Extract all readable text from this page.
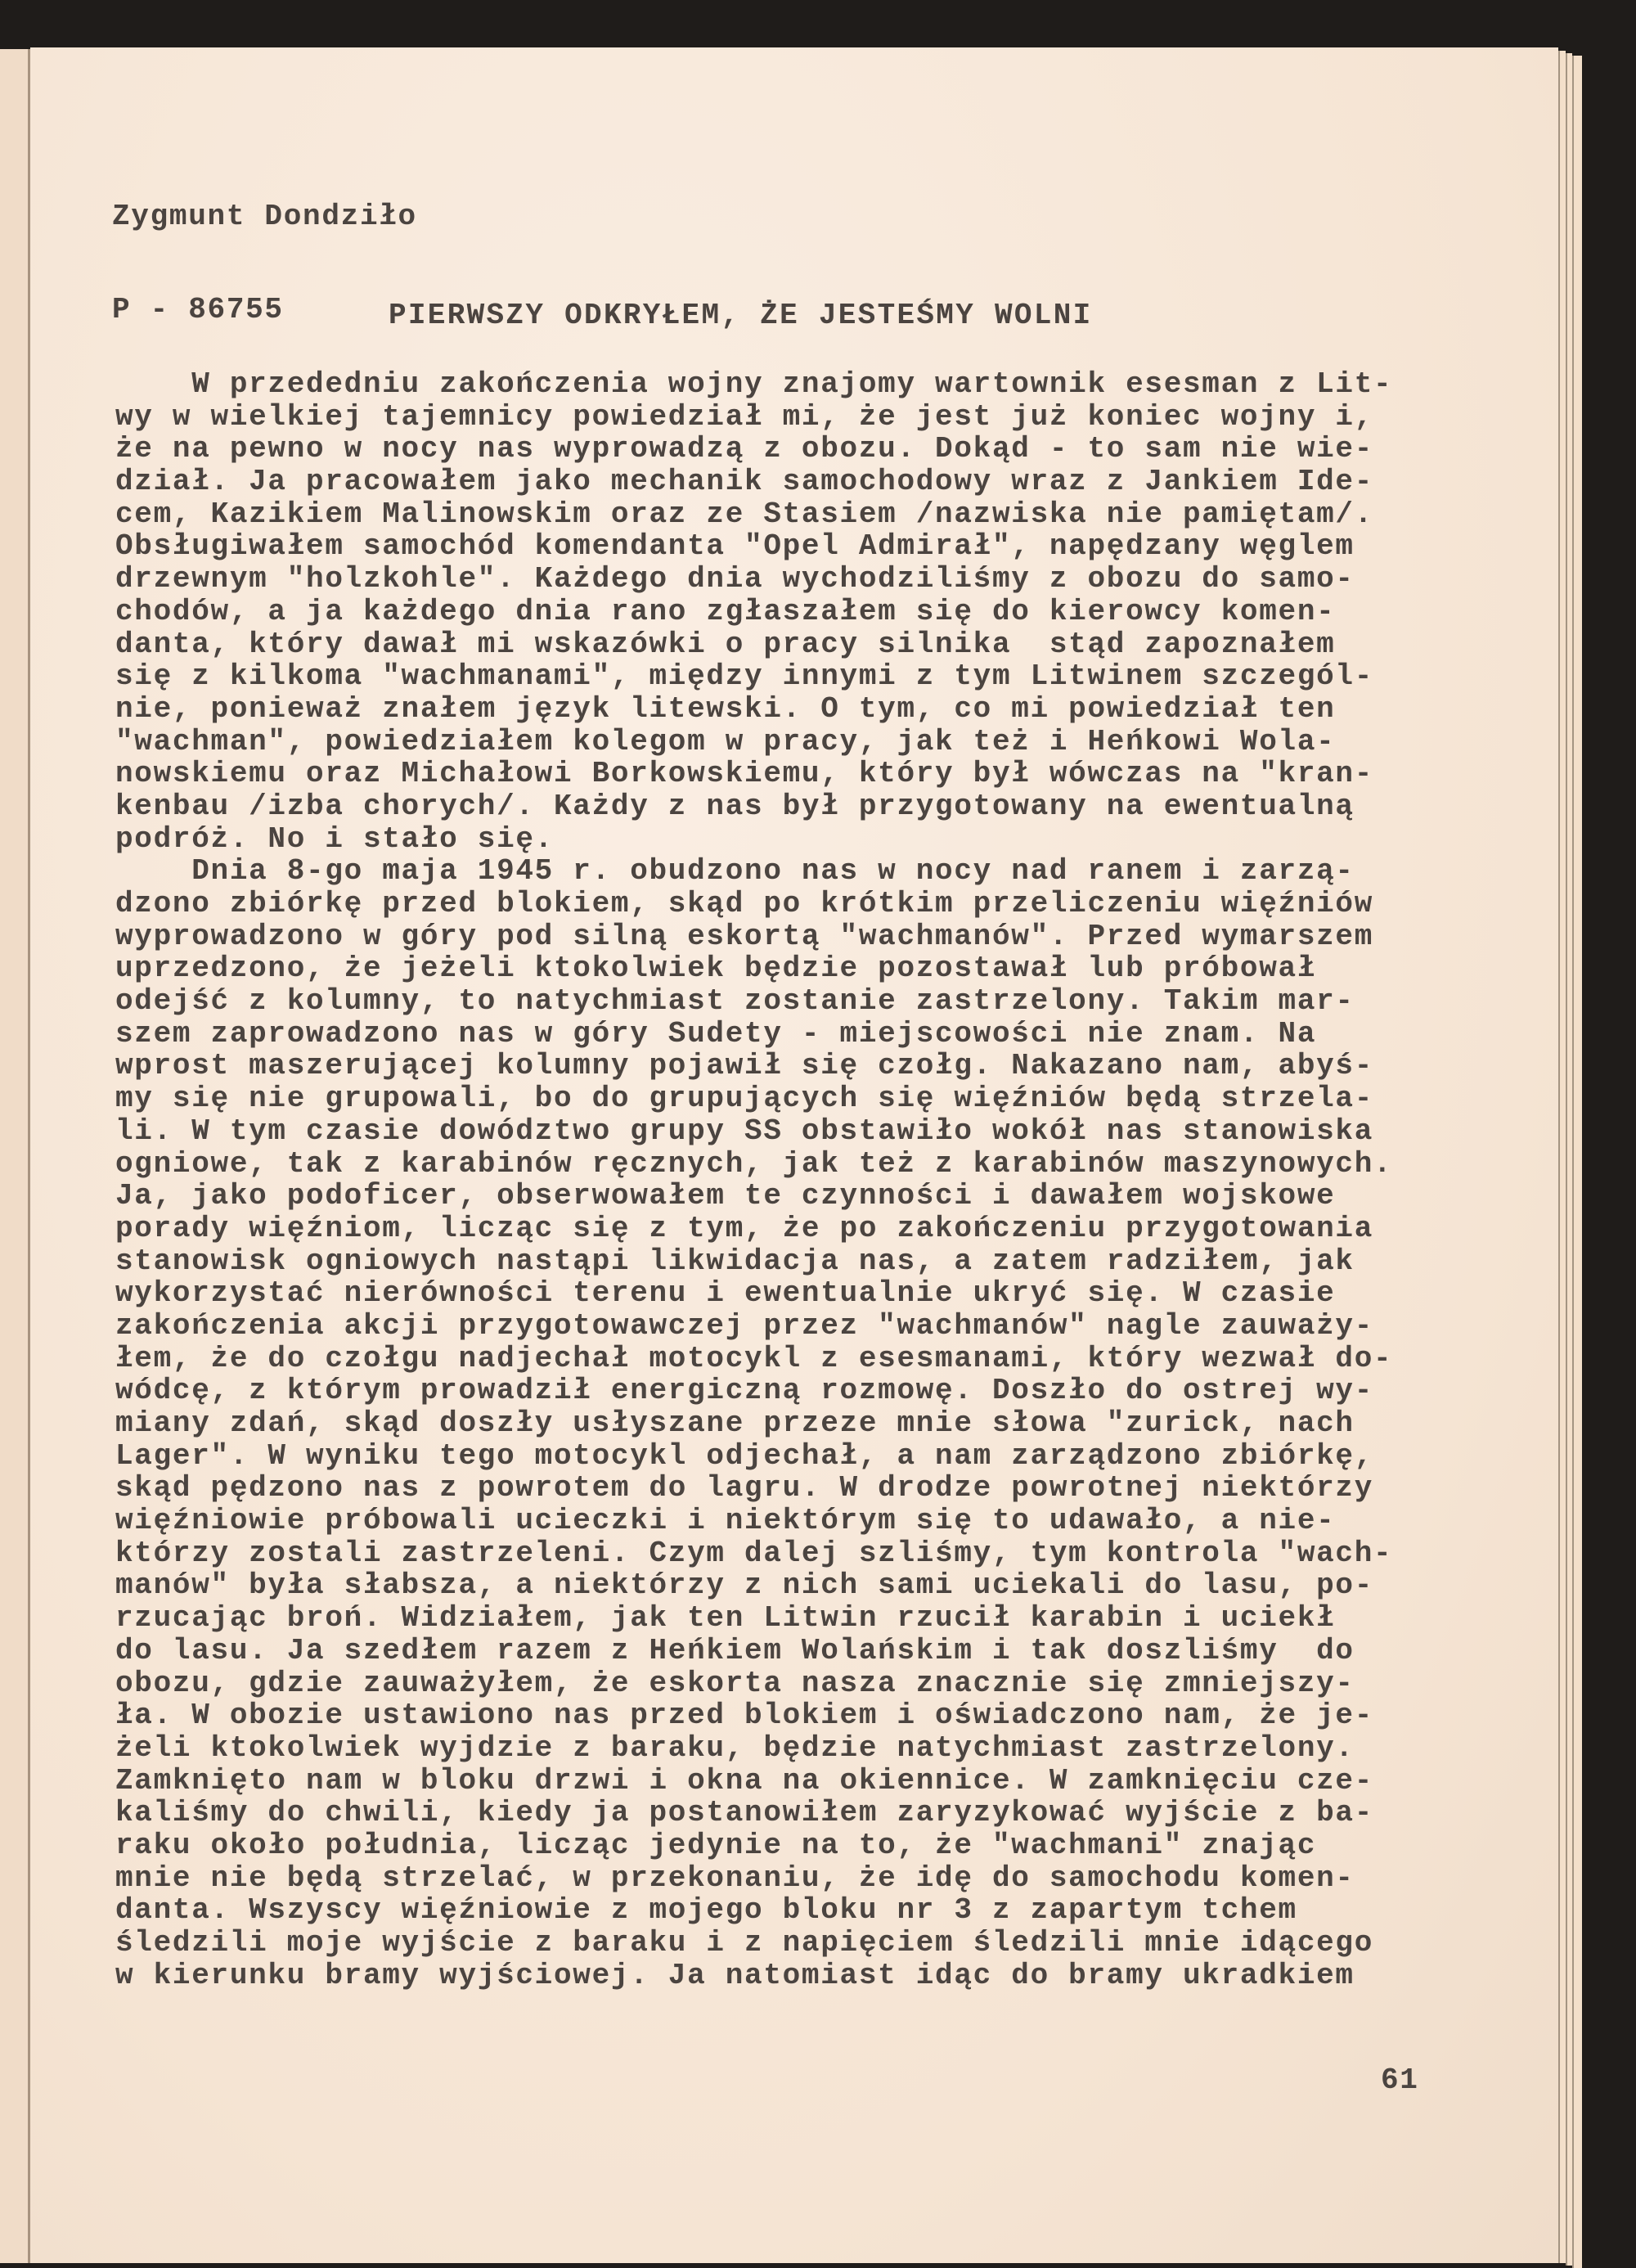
Zygmunt Dondziło

P - 86755	PIERWSZY ODKRYŁEM, ŻE JESTEŚMY WOLNI
W przededniu zakończenia wojny znajomy wartownik esesman z Lit-
wy w wielkiej tajemnicy powiedział mi, że jest już koniec wojny i,
że na pewno w nocy nas wyprowadzą z obozu. Dokąd - to sam nie wie-
dział. Ja pracowałem jako mechanik samochodowy wraz z Jankiem Ide-
cem, Kazikiem Malinowskim oraz ze Stasiem /nazwiska nie pamiętam/.
Obsługiwałem samochód komendanta "Opel Admirał", napędzany węglem
drzewnym "holzkohle". Każdego dnia wychodziliśmy z obozu do samo-
chodów, a ja każdego dnia rano zgłaszałem się do kierowcy komen-
danta, który dawał mi wskazówki o pracy silnika  stąd zapoznałem
się z kilkoma "wachmanami", między innymi z tym Litwinem szczegól-
nie, ponieważ znałem język litewski. O tym, co mi powiedział ten
"wachman", powiedziałem kolegom w pracy, jak też i Heńkowi Wola-
nowskiemu oraz Michałowi Borkowskiemu, który był wówczas na "kran-
kenbau /izba chorych/. Każdy z nas był przygotowany na ewentualną
podróż. No i stało się.
Dnia 8-go maja 1945 r. obudzono nas w nocy nad ranem i zarzą-
dzono zbiórkę przed blokiem, skąd po krótkim przeliczeniu więźniów
wyprowadzono w góry pod silną eskortą "wachmanów". Przed wymarszem
uprzedzono, że jeżeli ktokolwiek będzie pozostawał lub próbował
odejść z kolumny, to natychmiast zostanie zastrzelony. Takim mar-
szem zaprowadzono nas w góry Sudety - miejscowości nie znam. Na
wprost maszerującej kolumny pojawił się czołg. Nakazano nam, abyś-
my się nie grupowali, bo do grupujących się więźniów będą strzela-
li. W tym czasie dowództwo grupy SS obstawiło wokół nas stanowiska
ogniowe, tak z karabinów ręcznych, jak też z karabinów maszynowych.
Ja, jako podoficer, obserwowałem te czynności i dawałem wojskowe
porady więźniom, licząc się z tym, że po zakończeniu przygotowania
stanowisk ogniowych nastąpi likwidacja nas, a zatem radziłem, jak
wykorzystać nierówności terenu i ewentualnie ukryć się. W czasie
zakończenia akcji przygotowawczej przez "wachmanów" nagle zauważy-
łem, że do czołgu nadjechał motocykl z esesmanami, który wezwał do-
wódcę, z którym prowadził energiczną rozmowę. Doszło do ostrej wy-
miany zdań, skąd doszły usłyszane przeze mnie słowa "zurick, nach
Lager". W wyniku tego motocykl odjechał, a nam zarządzono zbiórkę,
skąd pędzono nas z powrotem do lagru. W drodze powrotnej niektórzy
więźniowie próbowali ucieczki i niektórym się to udawało, a nie-
którzy zostali zastrzeleni. Czym dalej szliśmy, tym kontrola "wach-
manów" była słabsza, a niektórzy z nich sami uciekali do lasu, po-
rzucając broń. Widziałem, jak ten Litwin rzucił karabin i uciekł
do lasu. Ja szedłem razem z Heńkiem Wolańskim i tak doszliśmy  do
obozu, gdzie zauważyłem, że eskorta nasza znacznie się zmniejszy-
ła. W obozie ustawiono nas przed blokiem i oświadczono nam, że je-
żeli ktokolwiek wyjdzie z baraku, będzie natychmiast zastrzelony.
Zamknięto nam w bloku drzwi i okna na okiennice. W zamknięciu cze-
kaliśmy do chwili, kiedy ja postanowiłem zaryzykować wyjście z ba-
raku około południa, licząc jedynie na to, że "wachmani" znając
mnie nie będą strzelać, w przekonaniu, że idę do samochodu komen-
danta. Wszyscy więźniowie z mojego bloku nr 3 z zapartym tchem
śledzili moje wyjście z baraku i z napięciem śledzili mnie idącego
w kierunku bramy wyjściowej. Ja natomiast idąc do bramy ukradkiem
61
